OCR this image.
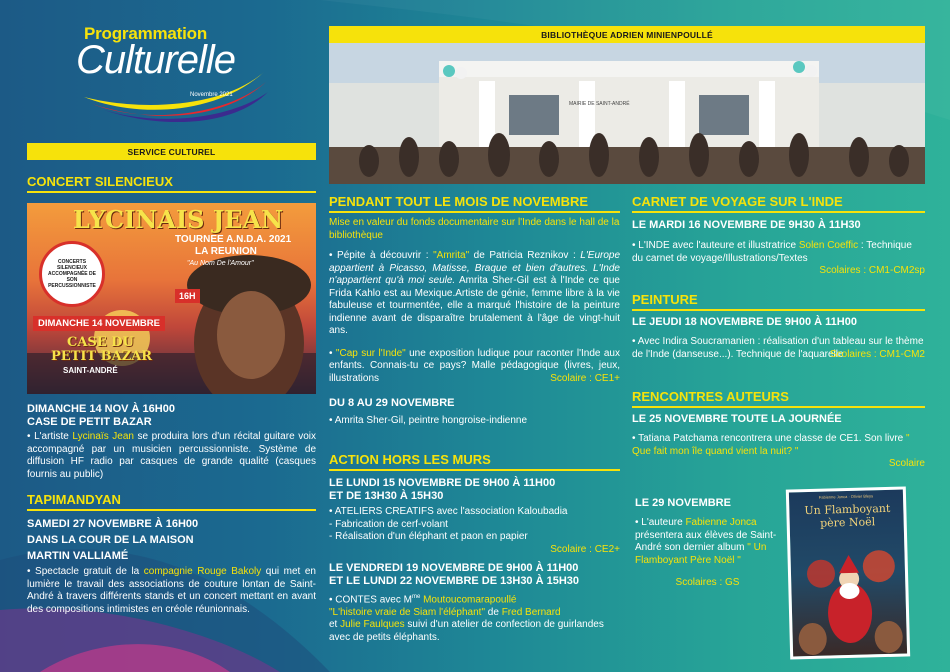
Programmation
Culturelle
Novembre 2021
SERVICE CULTUREL
CONCERT SILENCIEUX
LYCINAIS JEAN
TOURNEE A.N.D.A. 2021
LA REUNION
"Au Nom De l'Amour"
CONCERTS SILENCIEUX ACCOMPAGNÉE DE SON PERCUSSIONNISTE
16H
DIMANCHE 14 NOVEMBRE
CASE DU
PETIT BAZAR
SAINT-ANDRÉ
DIMANCHE 14 NOV À 16H00
CASE DE PETIT BAZAR
• L'artiste Lycinaïs Jean se produira lors d'un récital guitare voix accompagné par un musicien percussionniste. Système de diffusion HF radio par casques de grande qualité (casques fournis au public)
TAPIMANDYAN
SAMEDI 27 NOVEMBRE À 16H00
DANS LA COUR DE LA MAISON
MARTIN VALLIAMÉ
• Spectacle gratuit de la compagnie Rouge Bakoly qui met en lumière le travail des associations de couture lontan de Saint-André à travers différents stands et un concert mettant en avant des compositions intimistes en créole réunionnais.
BIBLIOTHÈQUE ADRIEN MINIENPOULLÉ
MAIRIE DE SAINT-ANDRÉ
PENDANT TOUT LE MOIS DE NOVEMBRE
Mise en valeur du fonds documentaire sur l'Inde dans le hall de la bibliothèque
• Pépite à découvrir : "Amrita" de Patricia Reznikov : L'Europe appartient à Picasso, Matisse, Braque et bien d'autres. L'Inde n'appartient qu'à moi seule. Amrita Sher-Gil est à l'Inde ce que Frida Kahlo est au Mexique.Artiste de génie, femme libre à la vie fabuleuse et tourmentée, elle a marqué l'histoire de la peinture indienne avant de disparaître brutalement à l'âge de vingt-huit ans.
• "Cap sur l'Inde" une exposition ludique pour raconter l'Inde aux enfants. Connais-tu ce pays? Malle pédagogique (livres, jeux, illustrations	Scolaire : CE1+
DU 8 AU 29 NOVEMBRE
• Amrita Sher-Gil, peintre hongroise-indienne
ACTION HORS LES MURS
LE LUNDI 15 NOVEMBRE DE 9H00 À 11H00
ET DE 13H30 À 15H30
• ATELIERS CREATIFS avec l'association Kaloubadia
- Fabrication de cerf-volant
- Réalisation d'un éléphant et paon en papier
Scolaire : CE2+
LE VENDREDI 19 NOVEMBRE DE 9H00 À 11H00
ET LE LUNDI 22 NOVEMBRE DE 13H30 À 15H30
• CONTES avec $M^{me}$ Moutoucomarapoullé
"L'histoire vraie de Siam l'éléphant" de Fred Bernard
et Julie Faulques suivi d'un atelier de confection de guirlandes avec de petits éléphants.
CARNET DE VOYAGE SUR L'INDE
LE MARDI 16 NOVEMBRE DE 9H30 À 11H30
• L'INDE avec l'auteure et illustratrice Solen Coeffic : Technique du carnet de voyage/Illustrations/Textes
Scolaires : CM1-CM2sp
PEINTURE
LE JEUDI 18 NOVEMBRE DE 9H00 À 11H00
• Avec Indira Soucramanien : réalisation d'un tableau sur le thème de l'Inde (danseuse...). Technique de l'aquarelle
Scolaires : CM1-CM2
RENCONTRES AUTEURS
LE 25 NOVEMBRE TOUTE LA JOURNÉE
• Tatiana Patchama rencontrera une classe de CE1. Son livre " Que fait mon île quand vient la nuit? "
Scolaire
LE 29 NOVEMBRE
• L'auteure Fabienne Jonca présentera aux élèves de Saint-André son dernier album " Un Flamboyant Père Noël "
Scolaires : GS
Fabienne Jonca · Olivier Bleys
Un Flamboyant père Noël
